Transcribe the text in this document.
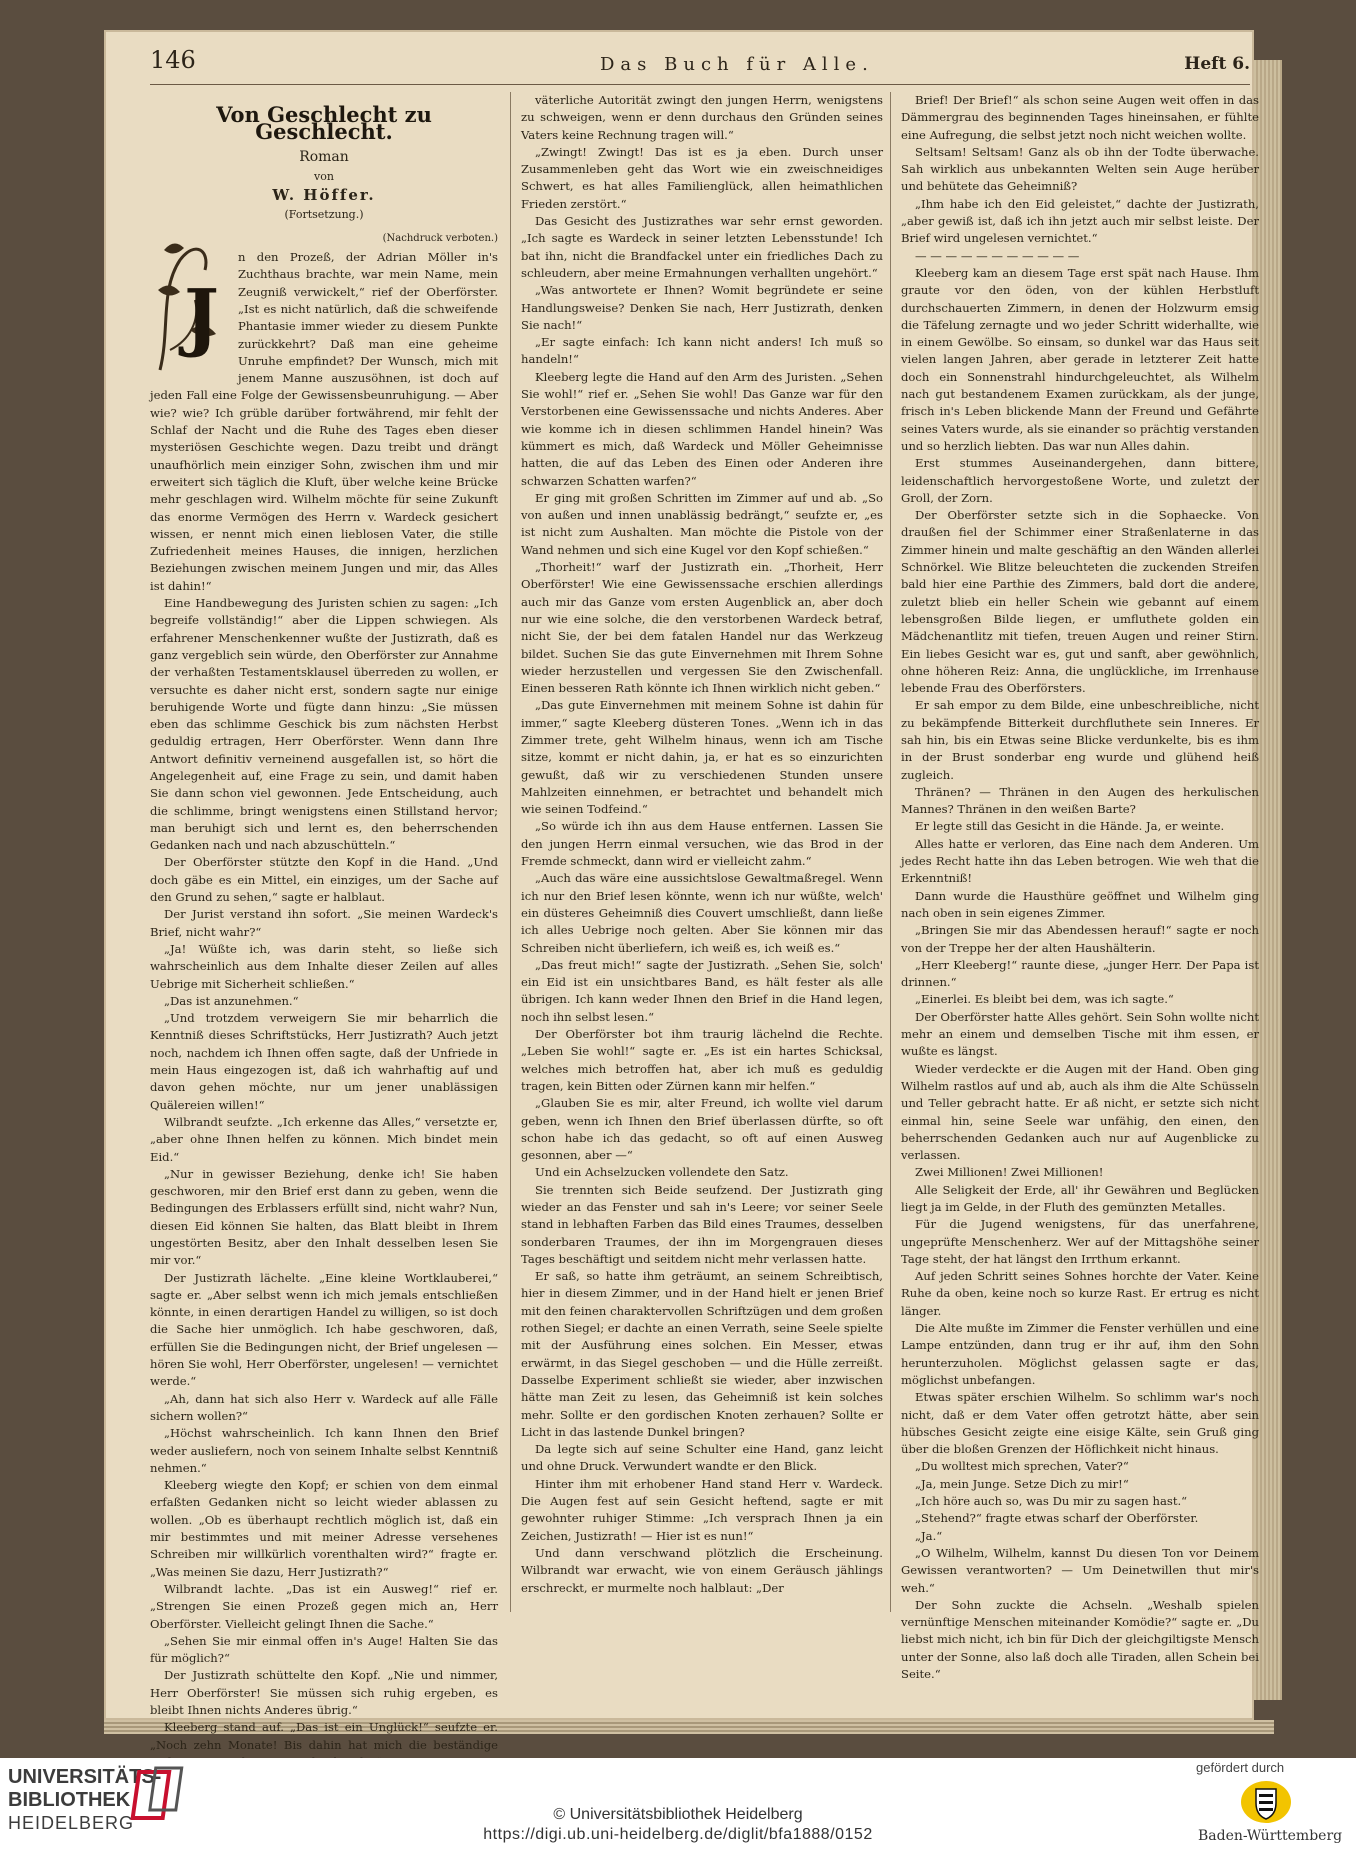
146	Das Buch für Alle.	Heft 6.
Von Geschlecht zu Geschlecht.
Roman
von
W. Höffer.
(Fortsetzung.)
J
(Nachdruck verboten.)

n den Prozeß, der Adrian Möller in's Zuchthaus brachte, war mein Name, mein Zeugniß verwickelt,“ rief der Oberförster. „Ist es nicht natürlich, daß die schweifende Phantasie immer wieder zu diesem Punkte zurückkehrt? Daß man eine geheime Unruhe empfindet? Der Wunsch, mich mit jenem Manne auszusöhnen, ist doch auf jeden Fall eine Folge der Gewissensbeunruhigung. — Aber wie? wie? Ich grüble darüber fortwährend, mir fehlt der Schlaf der Nacht und die Ruhe des Tages eben dieser mysteriösen Geschichte wegen. Dazu treibt und drängt unaufhörlich mein einziger Sohn, zwischen ihm und mir erweitert sich täglich die Kluft, über welche keine Brücke mehr geschlagen wird. Wilhelm möchte für seine Zukunft das enorme Vermögen des Herrn v. Wardeck gesichert wissen, er nennt mich einen lieblosen Vater, die stille Zufriedenheit meines Hauses, die innigen, herzlichen Beziehungen zwischen meinem Jungen und mir, das Alles ist dahin!“

Eine Handbewegung des Juristen schien zu sagen: „Ich begreife vollständig!“ aber die Lippen schwiegen. Als erfahrener Menschenkenner wußte der Justizrath, daß es ganz vergeblich sein würde, den Oberförster zur Annahme der verhaßten Testamentsklausel überreden zu wollen, er versuchte es daher nicht erst, sondern sagte nur einige beruhigende Worte und fügte dann hinzu: „Sie müssen eben das schlimme Geschick bis zum nächsten Herbst geduldig ertragen, Herr Oberförster. Wenn dann Ihre Antwort definitiv verneinend ausgefallen ist, so hört die Angelegenheit auf, eine Frage zu sein, und damit haben Sie dann schon viel gewonnen. Jede Entscheidung, auch die schlimme, bringt wenigstens einen Stillstand hervor; man beruhigt sich und lernt es, den beherrschenden Gedanken nach und nach abzuschütteln.“

Der Oberförster stützte den Kopf in die Hand. „Und doch gäbe es ein Mittel, ein einziges, um der Sache auf den Grund zu sehen,“ sagte er halblaut.

Der Jurist verstand ihn sofort. „Sie meinen Wardeck's Brief, nicht wahr?“

„Ja! Wüßte ich, was darin steht, so ließe sich wahrscheinlich aus dem Inhalte dieser Zeilen auf alles Uebrige mit Sicherheit schließen.“

„Das ist anzunehmen.“

„Und trotzdem verweigern Sie mir beharrlich die Kenntniß dieses Schriftstücks, Herr Justizrath? Auch jetzt noch, nachdem ich Ihnen offen sagte, daß der Unfriede in mein Haus eingezogen ist, daß ich wahrhaftig auf und davon gehen möchte, nur um jener unablässigen Quälereien willen!“

Wilbrandt seufzte. „Ich erkenne das Alles,“ versetzte er, „aber ohne Ihnen helfen zu können. Mich bindet mein Eid.“

„Nur in gewisser Beziehung, denke ich! Sie haben geschworen, mir den Brief erst dann zu geben, wenn die Bedingungen des Erblassers erfüllt sind, nicht wahr? Nun, diesen Eid können Sie halten, das Blatt bleibt in Ihrem ungestörten Besitz, aber den Inhalt desselben lesen Sie mir vor.“

Der Justizrath lächelte. „Eine kleine Wortklauberei,“ sagte er. „Aber selbst wenn ich mich jemals entschließen könnte, in einen derartigen Handel zu willigen, so ist doch die Sache hier unmöglich. Ich habe geschworen, daß, erfüllen Sie die Bedingungen nicht, der Brief ungelesen — hören Sie wohl, Herr Oberförster, ungelesen! — vernichtet werde.“

„Ah, dann hat sich also Herr v. Wardeck auf alle Fälle sichern wollen?“

„Höchst wahrscheinlich. Ich kann Ihnen den Brief weder ausliefern, noch von seinem Inhalte selbst Kenntniß nehmen.“

Kleeberg wiegte den Kopf; er schien von dem einmal erfaßten Gedanken nicht so leicht wieder ablassen zu wollen. „Ob es überhaupt rechtlich möglich ist, daß ein mir bestimmtes und mit meiner Adresse versehenes Schreiben mir willkürlich vorenthalten wird?“ fragte er. „Was meinen Sie dazu, Herr Justizrath?“

Wilbrandt lachte. „Das ist ein Ausweg!“ rief er. „Strengen Sie einen Prozeß gegen mich an, Herr Oberförster. Vielleicht gelingt Ihnen die Sache.“

„Sehen Sie mir einmal offen in's Auge! Halten Sie das für möglich?“

Der Justizrath schüttelte den Kopf. „Nie und nimmer, Herr Oberförster! Sie müssen sich ruhig ergeben, es bleibt Ihnen nichts Anderes übrig.“

Kleeberg stand auf. „Das ist ein Unglück!“ seufzte er. „Noch zehn Monate! Bis dahin hat mich die beständige

väterliche Autorität zwingt den jungen Herrn, wenigstens zu schweigen, wenn er denn durchaus den Gründen seines Vaters keine Rechnung tragen will.“

„Zwingt! Zwingt! Das ist es ja eben. Durch unser Zusammenleben geht das Wort wie ein zweischneidiges Schwert, es hat alles Familienglück, allen heimathlichen Frieden zerstört.“

Das Gesicht des Justizrathes war sehr ernst geworden. „Ich sagte es Wardeck in seiner letzten Lebensstunde! Ich bat ihn, nicht die Brandfackel unter ein friedliches Dach zu schleudern, aber meine Ermahnungen verhallten ungehört.“

„Was antwortete er Ihnen? Womit begründete er seine Handlungsweise? Denken Sie nach, Herr Justizrath, denken Sie nach!“

„Er sagte einfach: Ich kann nicht anders! Ich muß so handeln!“

Kleeberg legte die Hand auf den Arm des Juristen. „Sehen Sie wohl!“ rief er. „Sehen Sie wohl! Das Ganze war für den Verstorbenen eine Gewissenssache und nichts Anderes. Aber wie komme ich in diesen schlimmen Handel hinein? Was kümmert es mich, daß Wardeck und Möller Geheimnisse hatten, die auf das Leben des Einen oder Anderen ihre schwarzen Schatten warfen?“

Er ging mit großen Schritten im Zimmer auf und ab. „So von außen und innen unablässig bedrängt,“ seufzte er, „es ist nicht zum Aushalten. Man möchte die Pistole von der Wand nehmen und sich eine Kugel vor den Kopf schießen.“

„Thorheit!“ warf der Justizrath ein. „Thorheit, Herr Oberförster! Wie eine Gewissenssache erschien allerdings auch mir das Ganze vom ersten Augenblick an, aber doch nur wie eine solche, die den verstorbenen Wardeck betraf, nicht Sie, der bei dem fatalen Handel nur das Werkzeug bildet. Suchen Sie das gute Einvernehmen mit Ihrem Sohne wieder herzustellen und vergessen Sie den Zwischenfall. Einen besseren Rath könnte ich Ihnen wirklich nicht geben.“

„Das gute Einvernehmen mit meinem Sohne ist dahin für immer,“ sagte Kleeberg düsteren Tones. „Wenn ich in das Zimmer trete, geht Wilhelm hinaus, wenn ich am Tische sitze, kommt er nicht dahin, ja, er hat es so einzurichten gewußt, daß wir zu verschiedenen Stunden unsere Mahlzeiten einnehmen, er betrachtet und behandelt mich wie seinen Todfeind.“

„So würde ich ihn aus dem Hause entfernen. Lassen Sie den jungen Herrn einmal versuchen, wie das Brod in der Fremde schmeckt, dann wird er vielleicht zahm.“

„Auch das wäre eine aussichtslose Gewaltmaßregel. Wenn ich nur den Brief lesen könnte, wenn ich nur wüßte, welch' ein düsteres Geheimniß dies Couvert umschließt, dann ließe ich alles Uebrige noch gelten. Aber Sie können mir das Schreiben nicht überliefern, ich weiß es, ich weiß es.“

„Das freut mich!“ sagte der Justizrath. „Sehen Sie, solch' ein Eid ist ein unsichtbares Band, es hält fester als alle übrigen. Ich kann weder Ihnen den Brief in die Hand legen, noch ihn selbst lesen.“

Der Oberförster bot ihm traurig lächelnd die Rechte. „Leben Sie wohl!“ sagte er. „Es ist ein hartes Schicksal, welches mich betroffen hat, aber ich muß es geduldig tragen, kein Bitten oder Zürnen kann mir helfen.“

„Glauben Sie es mir, alter Freund, ich wollte viel darum geben, wenn ich Ihnen den Brief überlassen dürfte, so oft schon habe ich das gedacht, so oft auf einen Ausweg gesonnen, aber —“

Und ein Achselzucken vollendete den Satz.

Sie trennten sich Beide seufzend. Der Justizrath ging wieder an das Fenster und sah in's Leere; vor seiner Seele stand in lebhaften Farben das Bild eines Traumes, desselben sonderbaren Traumes, der ihn im Morgengrauen dieses Tages beschäftigt und seitdem nicht mehr verlassen hatte.

Er saß, so hatte ihm geträumt, an seinem Schreibtisch, hier in diesem Zimmer, und in der Hand hielt er jenen Brief mit den feinen charaktervollen Schriftzügen und dem großen rothen Siegel; er dachte an einen Verrath, seine Seele spielte mit der Ausführung eines solchen. Ein Messer, etwas erwärmt, in das Siegel geschoben — und die Hülle zerreißt. Dasselbe Experiment schließt sie wieder, aber inzwischen hätte man Zeit zu lesen, das Geheimniß ist kein solches mehr. Sollte er den gordischen Knoten zerhauen? Sollte er Licht in das lastende Dunkel bringen?

Da legte sich auf seine Schulter eine Hand, ganz leicht und ohne Druck. Verwundert wandte er den Blick.

Hinter ihm mit erhobener Hand stand Herr v. Wardeck. Die Augen fest auf sein Gesicht heftend, sagte er mit gewohnter ruhiger Stimme: „Ich versprach Ihnen ja ein Zeichen, Justizrath! — Hier ist es nun!“

Und dann verschwand plötzlich die Erscheinung. Wilbrandt war erwacht, wie von einem Geräusch jählings erschreckt, er murmelte noch halblaut: „Der

Brief! Der Brief!“ als schon seine Augen weit offen in das Dämmergrau des beginnenden Tages hineinsahen, er fühlte eine Aufregung, die selbst jetzt noch nicht weichen wollte.

Seltsam! Seltsam! Ganz als ob ihn der Todte überwache. Sah wirklich aus unbekannten Welten sein Auge herüber und behütete das Geheimniß?

„Ihm habe ich den Eid geleistet,“ dachte der Justizrath, „aber gewiß ist, daß ich ihn jetzt auch mir selbst leiste. Der Brief wird ungelesen vernichtet.“

— — — — — — — — — — —

Kleeberg kam an diesem Tage erst spät nach Hause. Ihm graute vor den öden, von der kühlen Herbstluft durchschauerten Zimmern, in denen der Holzwurm emsig die Täfelung zernagte und wo jeder Schritt widerhallte, wie in einem Gewölbe. So einsam, so dunkel war das Haus seit vielen langen Jahren, aber gerade in letzterer Zeit hatte doch ein Sonnenstrahl hindurchgeleuchtet, als Wilhelm nach gut bestandenem Examen zurückkam, als der junge, frisch in's Leben blickende Mann der Freund und Gefährte seines Vaters wurde, als sie einander so prächtig verstanden und so herzlich liebten. Das war nun Alles dahin.

Erst stummes Auseinandergehen, dann bittere, leidenschaftlich hervorgestoßene Worte, und zuletzt der Groll, der Zorn.

Der Oberförster setzte sich in die Sophaecke. Von draußen fiel der Schimmer einer Straßenlaterne in das Zimmer hinein und malte geschäftig an den Wänden allerlei Schnörkel. Wie Blitze beleuchteten die zuckenden Streifen bald hier eine Parthie des Zimmers, bald dort die andere, zuletzt blieb ein heller Schein wie gebannt auf einem lebensgroßen Bilde liegen, er umfluthete golden ein Mädchenantlitz mit tiefen, treuen Augen und reiner Stirn. Ein liebes Gesicht war es, gut und sanft, aber gewöhnlich, ohne höheren Reiz: Anna, die unglückliche, im Irrenhause lebende Frau des Oberförsters.

Er sah empor zu dem Bilde, eine unbeschreibliche, nicht zu bekämpfende Bitterkeit durchfluthete sein Inneres. Er sah hin, bis ein Etwas seine Blicke verdunkelte, bis es ihm in der Brust sonderbar eng wurde und glühend heiß zugleich.

Thränen? — Thränen in den Augen des herkulischen Mannes? Thränen in den weißen Barte?

Er legte still das Gesicht in die Hände. Ja, er weinte.

Alles hatte er verloren, das Eine nach dem Anderen. Um jedes Recht hatte ihn das Leben betrogen. Wie weh that die Erkenntniß!

Dann wurde die Hausthüre geöffnet und Wilhelm ging nach oben in sein eigenes Zimmer.

„Bringen Sie mir das Abendessen herauf!“ sagte er noch von der Treppe her der alten Haushälterin.

„Herr Kleeberg!“ raunte diese, „junger Herr. Der Papa ist drinnen.“

„Einerlei. Es bleibt bei dem, was ich sagte.“

Der Oberförster hatte Alles gehört. Sein Sohn wollte nicht mehr an einem und demselben Tische mit ihm essen, er wußte es längst.

Wieder verdeckte er die Augen mit der Hand. Oben ging Wilhelm rastlos auf und ab, auch als ihm die Alte Schüsseln und Teller gebracht hatte. Er aß nicht, er setzte sich nicht einmal hin, seine Seele war unfähig, den einen, den beherrschenden Gedanken auch nur auf Augenblicke zu verlassen.

Zwei Millionen! Zwei Millionen!

Alle Seligkeit der Erde, all' ihr Gewähren und Beglücken liegt ja im Gelde, in der Fluth des gemünzten Metalles.

Für die Jugend wenigstens, für das unerfahrene, ungeprüfte Menschenherz. Wer auf der Mittagshöhe seiner Tage steht, der hat längst den Irrthum erkannt.

Auf jeden Schritt seines Sohnes horchte der Vater. Keine Ruhe da oben, keine noch so kurze Rast. Er ertrug es nicht länger.

Die Alte mußte im Zimmer die Fenster verhüllen und eine Lampe entzünden, dann trug er ihr auf, ihm den Sohn herunterzuholen. Möglichst gelassen sagte er das, möglichst unbefangen.

Etwas später erschien Wilhelm. So schlimm war's noch nicht, daß er dem Vater offen getrotzt hätte, aber sein hübsches Gesicht zeigte eine eisige Kälte, sein Gruß ging über die bloßen Grenzen der Höflichkeit nicht hinaus.

„Du wolltest mich sprechen, Vater?“

„Ja, mein Junge. Setze Dich zu mir!“

„Ich höre auch so, was Du mir zu sagen hast.“

„Stehend?“ fragte etwas scharf der Oberförster.

„Ja.“

„O Wilhelm, Wilhelm, kannst Du diesen Ton vor Deinem Gewissen verantworten? — Um Deinetwillen thut mir's weh.“

Der Sohn zuckte die Achseln. „Weshalb spielen vernünftige Menschen miteinander Komödie?“ sagte er. „Du liebst mich nicht, ich bin für Dich der gleichgiltigste Mensch unter der Sonne, also laß doch alle Tiraden, allen Schein bei Seite.“

UNIVERSITÄTS-
BIBLIOTHEK
HEIDELBERG	© Universitätsbibliothek Heidelberg
https://digi.ub.uni-heidelberg.de/diglit/bfa1888/0152
gefördert durch
Baden-Württemberg
